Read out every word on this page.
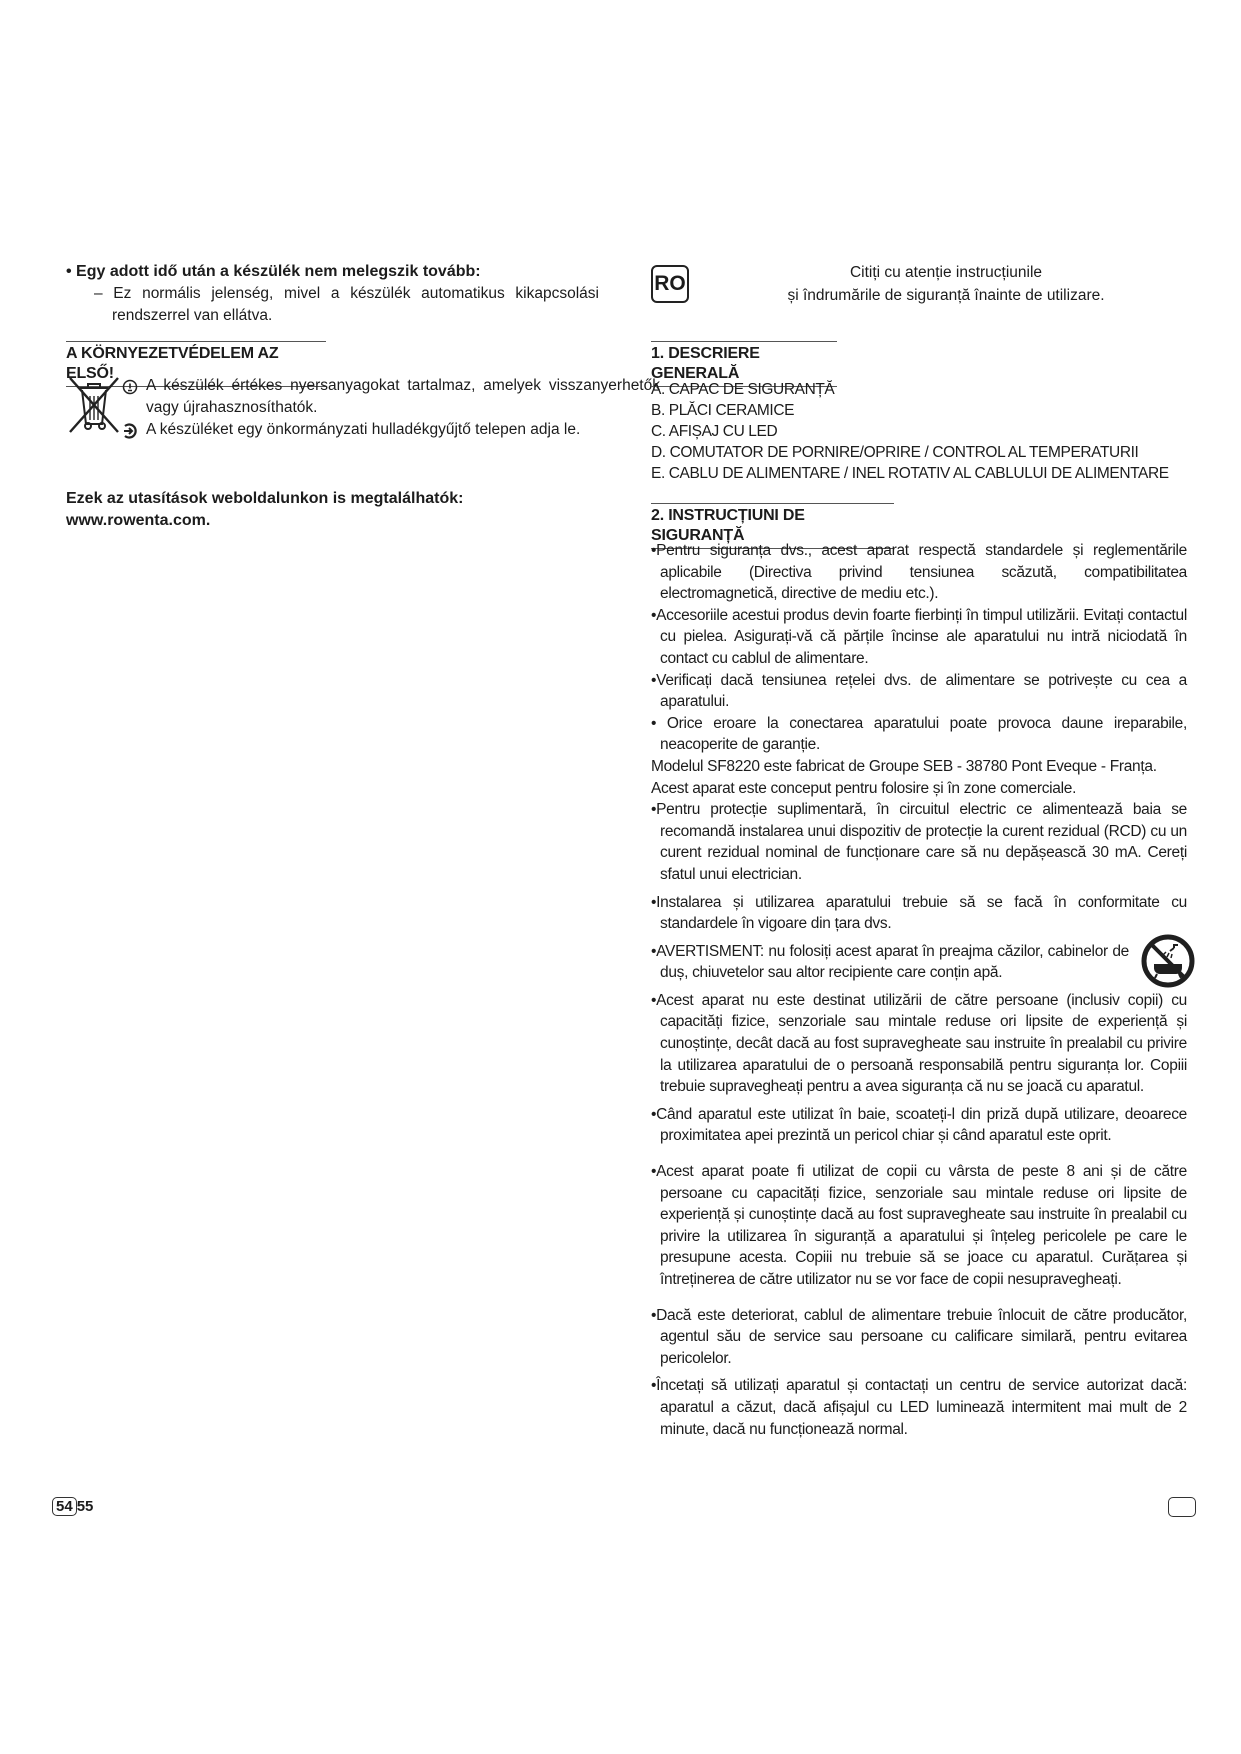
• Egy adott idő után a készülék nem melegszik tovább:

– Ez normális jelenség, mivel a készülék automatikus kikapcsolási rendszerrel van ellátva.

A KÖRNYEZETVÉDELEM AZ ELSŐ!

A készülék értékes nyersanyagokat tartalmaz, amelyek visszanyerhetők vagy újrahasznosíthatók.

A készüléket egy önkormányzati hulladékgyűjtő telepen adja le.

Ezek az utasítások weboldalunkon is megtalálhatók:

www.rowenta.com.

RO	Citiți cu atenție instrucțiunile

și îndrumările de siguranță înainte de utilizare.

1. DESCRIERE GENERALĂ

A. CAPAC DE SIGURANȚĂ

B. PLĂCI CERAMICE

C. AFIȘAJ CU LED

D. COMUTATOR DE PORNIRE/OPRIRE / CONTROL AL TEMPERATURII

E. CABLU DE ALIMENTARE / INEL ROTATIV AL CABLULUI DE ALIMENTARE

2. INSTRUCȚIUNI DE SIGURANȚĂ

• Pentru siguranța dvs., acest aparat respectă standardele și reglementările aplicabile (Directiva privind tensiunea scăzută, compatibilitatea electromagnetică, directive de mediu etc.).

• Accesoriile acestui produs devin foarte fierbinți în timpul utilizării. Evitați contactul cu pielea. Asigurați-vă că părțile încinse ale aparatului nu intră niciodată în contact cu cablul de alimentare.

• Verificați dacă tensiunea rețelei dvs. de alimentare se potrivește cu cea a aparatului.

• Orice eroare la conectarea aparatului poate provoca daune ireparabile, neacoperite de garanție.

Modelul SF8220 este fabricat de Groupe SEB - 38780 Pont Eveque - Franța.

Acest aparat este conceput pentru folosire și în zone comerciale.

• Pentru protecție suplimentară, în circuitul electric ce alimentează baia se recomandă instalarea unui dispozitiv de protecție la curent rezidual (RCD) cu un curent rezidual nominal de funcționare care să nu depășească 30 mA. Cereți sfatul unui electrician.

• Instalarea și utilizarea aparatului trebuie să se facă în conformitate cu standardele în vigoare din țara dvs.

• AVERTISMENT: nu folosiți acest aparat în preajma căzilor, cabinelor de duș, chiuvetelor sau altor recipiente care conțin apă.

• Acest aparat nu este destinat utilizării de către persoane (inclusiv copii) cu capacități fizice, senzoriale sau mintale reduse ori lipsite de experiență și cunoștințe, decât dacă au fost supravegheate sau instruite în prealabil cu privire la utilizarea aparatului de o persoană responsabilă pentru siguranța lor. Copiii trebuie supravegheați pentru a avea siguranța că nu se joacă cu aparatul.

• Când aparatul este utilizat în baie, scoateți-l din priză după utilizare, deoarece proximitatea apei prezintă un pericol chiar și când aparatul este oprit.

• Acest aparat poate fi utilizat de copii cu vârsta de peste 8 ani și de către persoane cu capacități fizice, senzoriale sau mintale reduse ori lipsite de experiență și cunoștințe dacă au fost supravegheate sau instruite în prealabil cu privire la utilizarea în siguranță a aparatului și înțeleg pericolele pe care le presupune acesta. Copiii nu trebuie să se joace cu aparatul. Curățarea și întreținerea de către utilizator nu se vor face de copii nesupravegheați.

• Dacă este deteriorat, cablul de alimentare trebuie înlocuit de către producător, agentul său de service sau persoane cu calificare similară, pentru evitarea pericolelor.

• Încetați să utilizați aparatul și contactați un centru de service autorizat dacă: aparatul a căzut, dacă afișajul cu LED luminează intermitent mai mult de 2 minute, dacă nu funcționează normal.

54 55
